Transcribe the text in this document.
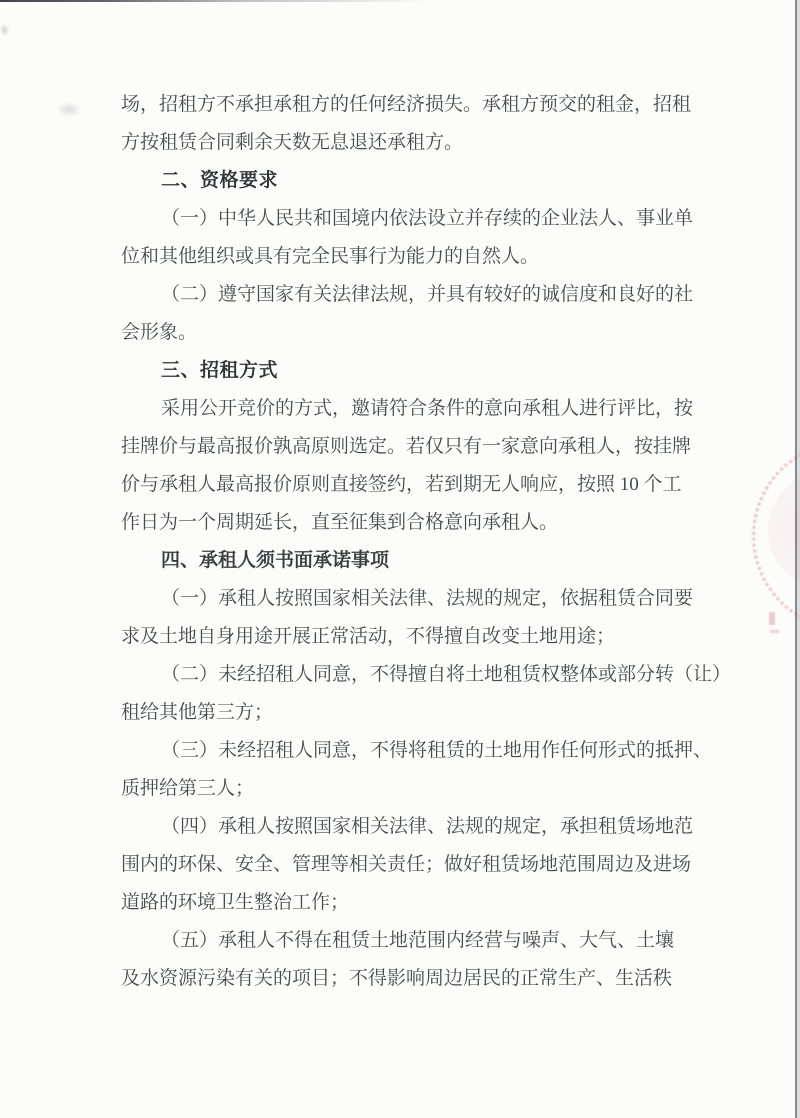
场，招租方不承担承租方的任何经济损失。承租方预交的租金，招租
方按租赁合同剩余天数无息退还承租方。
二、资格要求
（一）中华人民共和国境内依法设立并存续的企业法人、事业单
位和其他组织或具有完全民事行为能力的自然人。
（二）遵守国家有关法律法规，并具有较好的诚信度和良好的社
会形象。
三、招租方式
采用公开竞价的方式，邀请符合条件的意向承租人进行评比，按
挂牌价与最高报价孰高原则选定。若仅只有一家意向承租人，按挂牌
价与承租人最高报价原则直接签约，若到期无人响应，按照 10 个工
作日为一个周期延长，直至征集到合格意向承租人。
四、承租人须书面承诺事项
（一）承租人按照国家相关法律、法规的规定，依据租赁合同要
求及土地自身用途开展正常活动，不得擅自改变土地用途；
（二）未经招租人同意，不得擅自将土地租赁权整体或部分转（让）
租给其他第三方；
（三）未经招租人同意，不得将租赁的土地用作任何形式的抵押、
质押给第三人；
（四）承租人按照国家相关法律、法规的规定，承担租赁场地范
围内的环保、安全、管理等相关责任；做好租赁场地范围周边及进场
道路的环境卫生整治工作；
（五）承租人不得在租赁土地范围内经营与噪声、大气、土壤
及水资源污染有关的项目；不得影响周边居民的正常生产、生活秩
